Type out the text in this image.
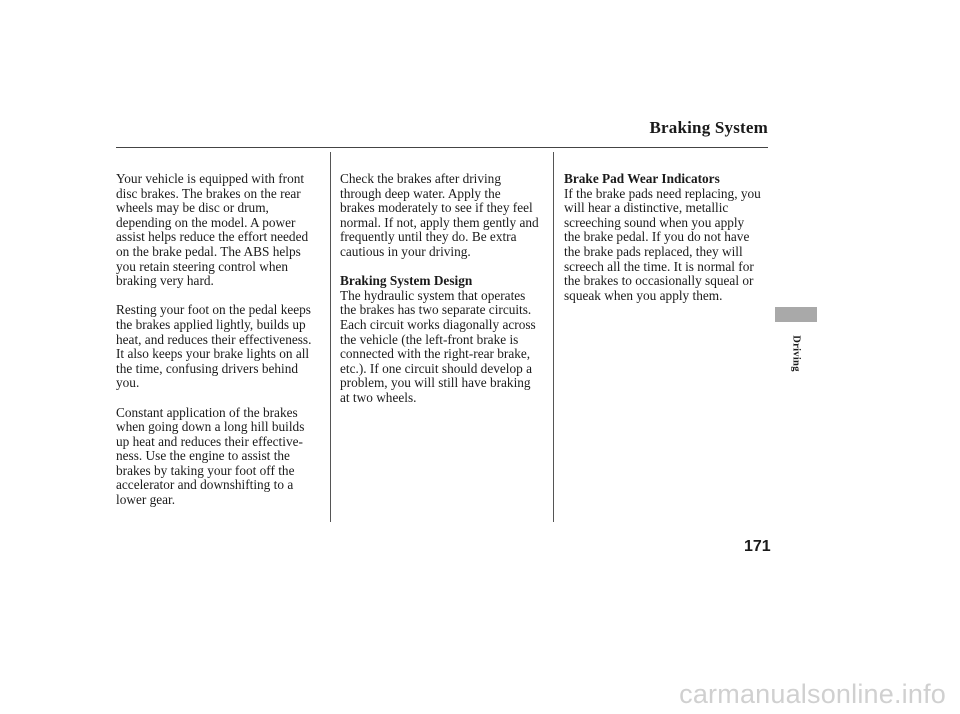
Braking System

Your vehicle is equipped with front
disc brakes. The brakes on the rear
wheels may be disc or drum,
depending on the model. A power
assist helps reduce the effort needed
on the brake pedal. The ABS helps
you retain steering control when
braking very hard.

Resting your foot on the pedal keeps
the brakes applied lightly, builds up
heat, and reduces their effectiveness.
It also keeps your brake lights on all
the time, confusing drivers behind
you.

Constant application of the brakes
when going down a long hill builds
up heat and reduces their effective-
ness. Use the engine to assist the
brakes by taking your foot off the
accelerator and downshifting to a
lower gear.

Check the brakes after driving
through deep water. Apply the
brakes moderately to see if they feel
normal. If not, apply them gently and
frequently until they do. Be extra
cautious in your driving.

Braking System Design

The hydraulic system that operates
the brakes has two separate circuits.
Each circuit works diagonally across
the vehicle (the left-front brake is
connected with the right-rear brake,
etc.). If one circuit should develop a
problem, you will still have braking
at two wheels.

Brake Pad Wear Indicators

If the brake pads need replacing, you
will hear a distinctive, metallic
screeching sound when you apply
the brake pedal. If you do not have
the brake pads replaced, they will
screech all the time. It is normal for
the brakes to occasionally squeal or
squeak when you apply them.

Driving
171
carmanualsonline.info
